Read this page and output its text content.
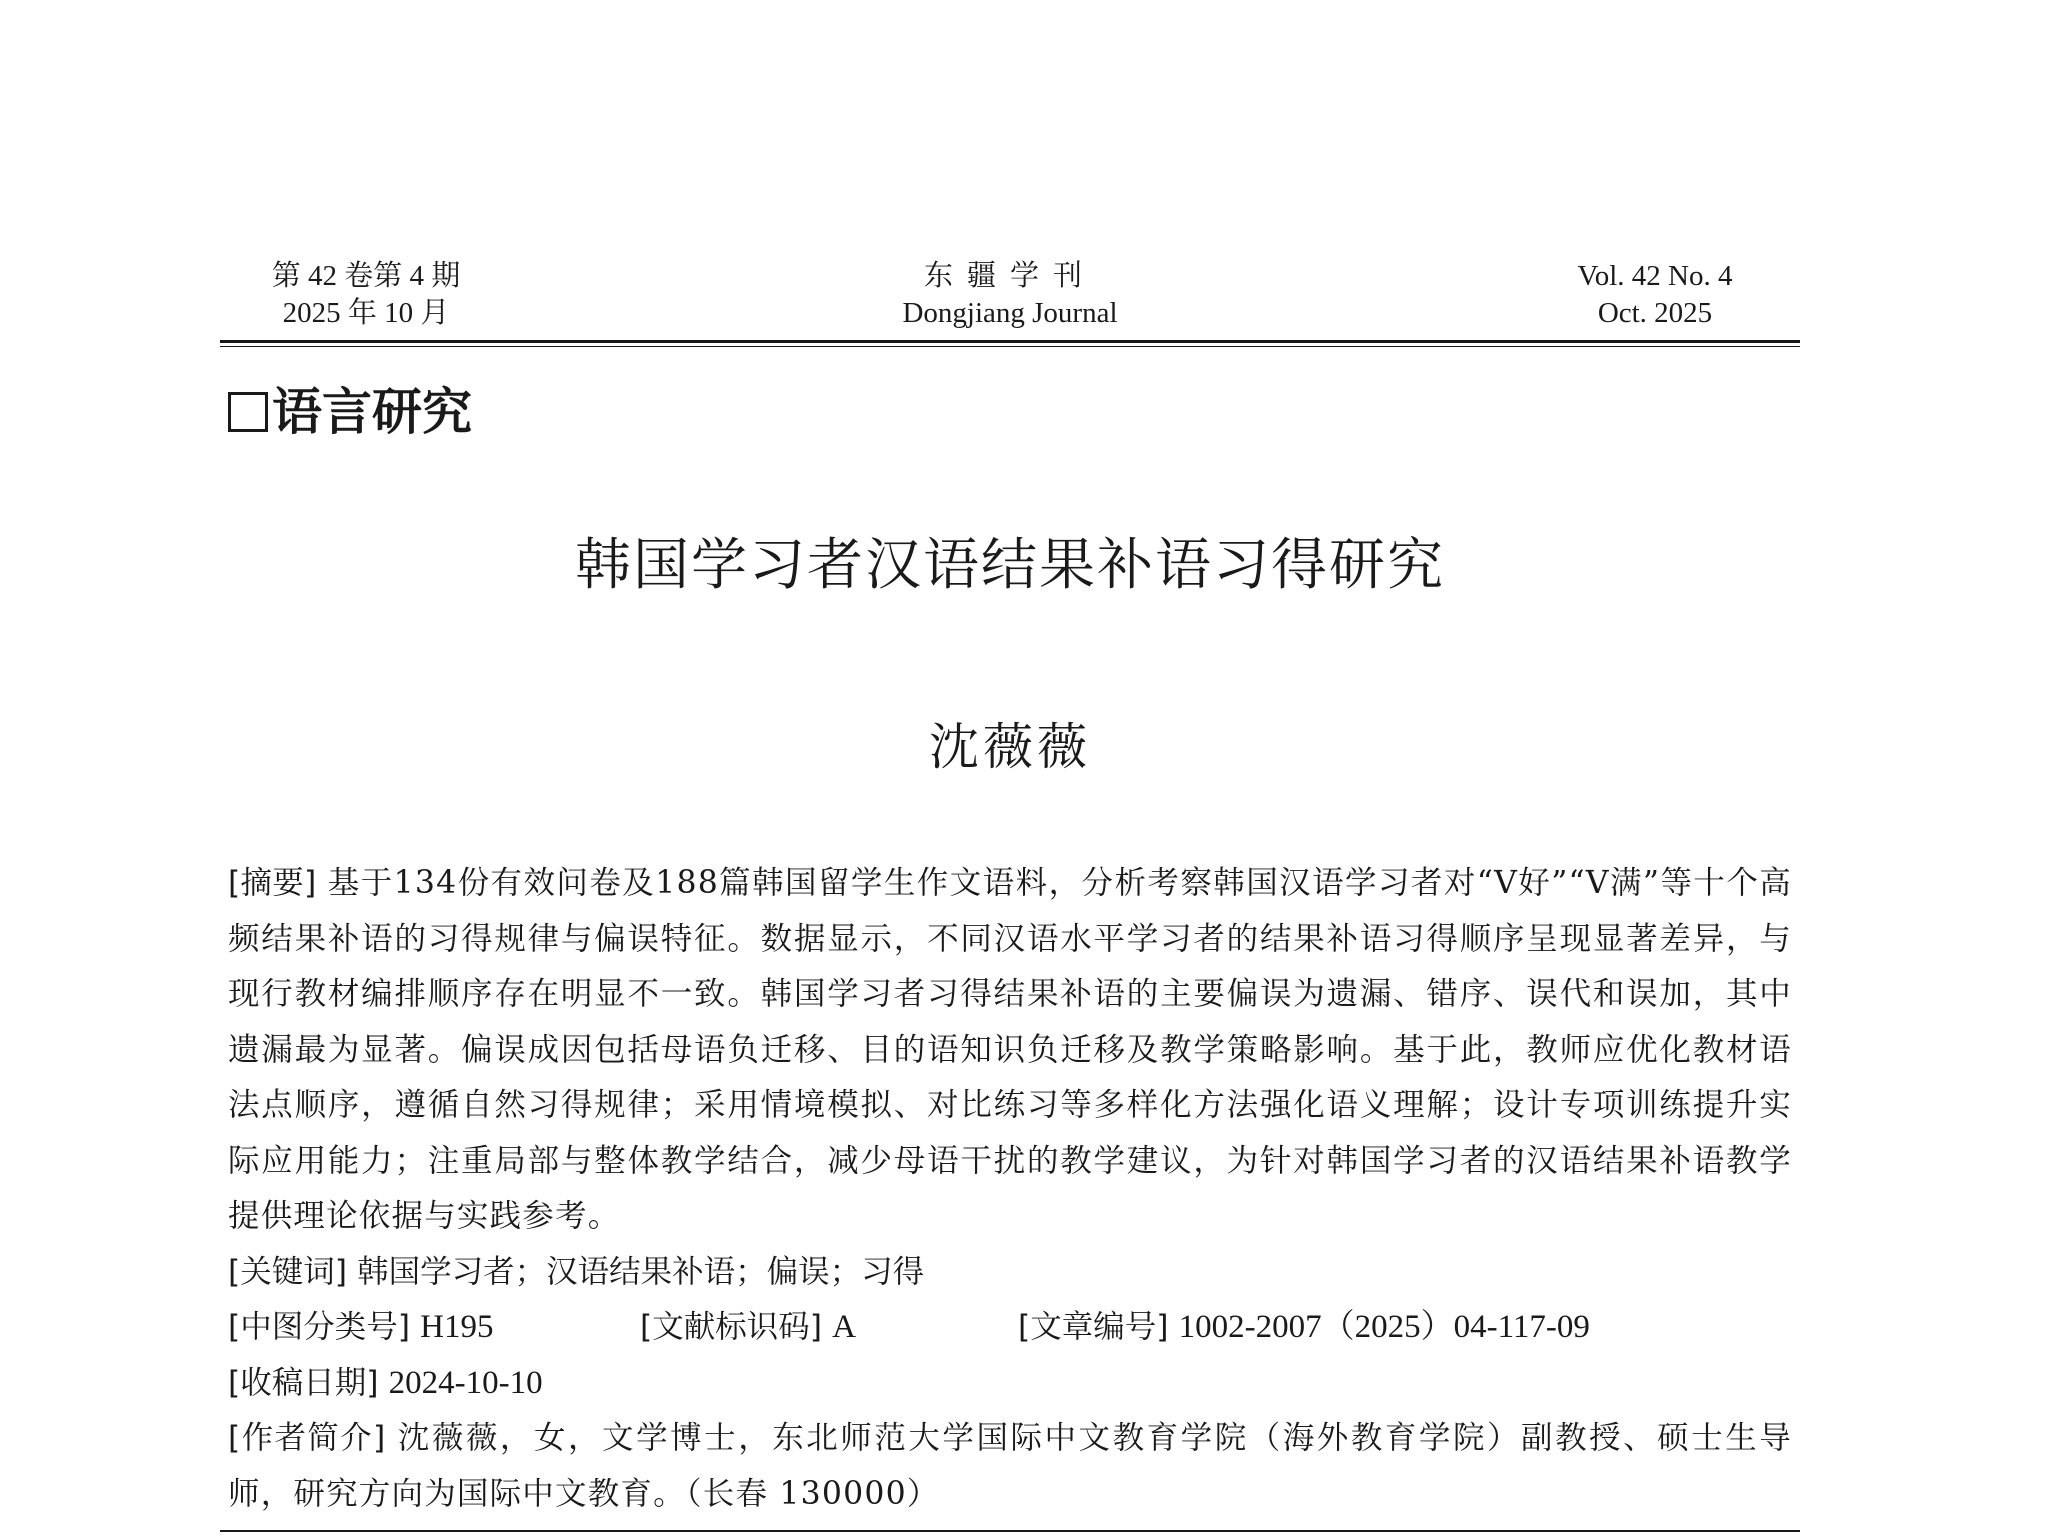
第 42 卷第 4 期
2025 年 10 月
东疆学刊
Dongjiang Journal
Vol. 42 No. 4
Oct. 2025
语言研究
韩国学习者汉语结果补语习得研究
沈薇薇

[摘要] 基于134份有效问卷及188篇韩国留学生作文语料，分析考察韩国汉语学习者对“V好”“V满”等十个高频结果补语的习得规律与偏误特征。数据显示，不同汉语水平学习者的结果补语习得顺序呈现显著差异，与现行教材编排顺序存在明显不一致。韩国学习者习得结果补语的主要偏误为遗漏、错序、误代和误加，其中遗漏最为显著。偏误成因包括母语负迁移、目的语知识负迁移及教学策略影响。基于此，教师应优化教材语法点顺序，遵循自然习得规律；采用情境模拟、对比练习等多样化方法强化语义理解；设计专项训练提升实际应用能力；注重局部与整体教学结合，减少母语干扰的教学建议，为针对韩国学习者的汉语结果补语教学提供理论依据与实践参考。

[关键词] 韩国学习者；汉语结果补语；偏误；习得

[中图分类号] H195	[文献标识码] A	[文章编号] 1002-2007（2025）04-117-09

[收稿日期] 2024-10-10

[作者简介] 沈薇薇，女，文学博士，东北师范大学国际中文教育学院（海外教育学院）副教授、硕士生导师，研究方向为国际中文教育。（长春 130000）
